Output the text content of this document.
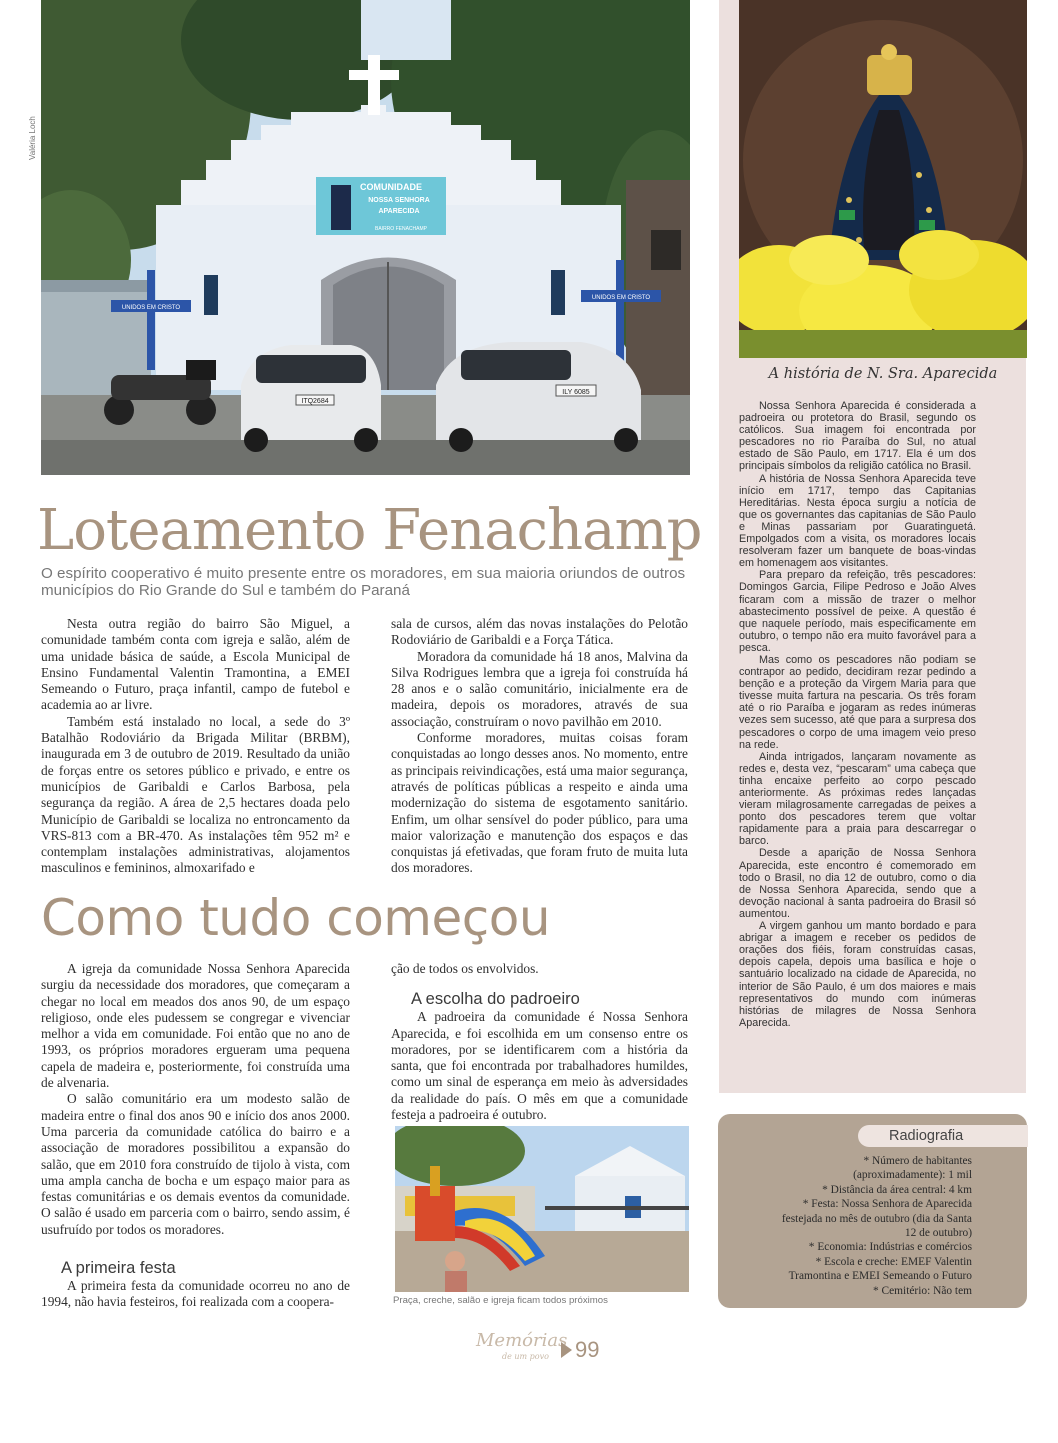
Valéria Loch
COMUNIDADE
NOSSA SENHORA
APARECIDA
BAIRRO FENACHAMP
UNIDOS EM CRISTO
UNIDOS EM CRISTO
ITQ2684
ILY 6085
Loteamento Fenachamp
O espírito cooperativo é muito presente entre os moradores, em sua maioria oriundos de outros municípios do Rio Grande do Sul e também do Paraná

Nesta outra região do bairro São Miguel, a comunidade também conta com igreja e salão, além de uma unidade básica de saúde, a Escola Municipal de Ensino Fundamental Valentin Tramontina, a EMEI Semeando o Futuro, praça infantil, campo de futebol e academia ao ar livre.

Também está instalado no local, a sede do 3º Batalhão Rodoviário da Brigada Militar (BRBM), inaugurada em 3 de outubro de 2019. Resultado da união de forças entre os setores público e privado, e entre os municípios de Garibaldi e Carlos Barbosa, pela segurança da região. A área de 2,5 hectares doada pelo Município de Garibaldi se localiza no entroncamento da VRS-813 com a BR-470. As instalações têm 952 m² e contemplam instalações administrativas, alojamentos masculinos e femininos, almoxarifado e

sala de cursos, além das novas instalações do Pelotão Rodoviário de Garibaldi e a Força Tática.

Moradora da comunidade há 18 anos, Malvina da Silva Rodrigues lembra que a igreja foi construída há 28 anos e o salão comunitário, inicialmente era de madeira, depois os moradores, através de sua associação, construíram o novo pavilhão em 2010.

Conforme moradores, muitas coisas foram conquistadas ao longo desses anos. No momento, entre as principais reivindicações, está uma maior segurança, através de políticas públicas a respeito e ainda uma modernização do sistema de esgotamento sanitário. Enfim, um olhar sensível do poder público, para uma maior valorização e manutenção dos espaços e das conquistas já efetivadas, que foram fruto de muita luta dos moradores.

Como tudo começou

A igreja da comunidade Nossa Senhora Aparecida surgiu da necessidade dos moradores, que começaram a chegar no local em meados dos anos 90, de um espaço religioso, onde eles pudessem se congregar e vivenciar melhor a vida em comunidade. Foi então que no ano de 1993, os próprios moradores ergueram uma pequena capela de madeira e, posteriormente, foi construída uma de alvenaria.

O salão comunitário era um modesto salão de madeira entre o final dos anos 90 e início dos anos 2000. Uma parceria da comunidade católica do bairro e a associação de moradores possibilitou a expansão do salão, que em 2010 fora construído de tijolo à vista, com uma ampla cancha de bocha e um espaço maior para as festas comunitárias e os demais eventos da comunidade. O salão é usado em parceria com o bairro, sendo assim, é usufruído por todos os moradores.

A primeira festa

A primeira festa da comunidade ocorreu no ano de 1994, não havia festeiros, foi realizada com a coopera-

ção de todos os envolvidos.

A escolha do padroeiro

A padroeira da comunidade é Nossa Senhora Aparecida, e foi escolhida em um consenso entre os moradores, por se identificarem com a história da santa, que foi encontrada por trabalhadores humildes, como um sinal de esperança em meio às adversidades da realidade do país. O mês em que a comunidade festeja a padroeira é outubro.

Praça, creche, salão e igreja ficam todos próximos
A história de N. Sra. Aparecida

Nossa Senhora Aparecida é considerada a padroeira ou protetora do Brasil, segundo os católicos. Sua imagem foi encontrada por pescadores no rio Paraíba do Sul, no atual estado de São Paulo, em 1717. Ela é um dos principais símbolos da religião católica no Brasil.

A história de Nossa Senhora Aparecida teve início em 1717, tempo das Capitanias Hereditárias. Nesta época surgiu a notícia de que os governantes das capitanias de São Paulo e Minas passariam por Guaratinguetá. Empolgados com a visita, os moradores locais resolveram fazer um banquete de boas-vindas em homenagem aos visitantes.

Para preparo da refeição, três pescadores: Domingos Garcia, Filipe Pedroso e João Alves ficaram com a missão de trazer o melhor abastecimento possível de peixe. A questão é que naquele período, mais especificamente em outubro, o tempo não era muito favorável para a pesca.

Mas como os pescadores não podiam se contrapor ao pedido, decidiram rezar pedindo a benção e a proteção da Virgem Maria para que tivesse muita fartura na pescaria. Os três foram até o rio Paraíba e jogaram as redes inúmeras vezes sem sucesso, até que para a surpresa dos pescadores o corpo de uma imagem veio preso na rede.

Ainda intrigados, lançaram novamente as redes e, desta vez, “pescaram” uma cabeça que tinha encaixe perfeito ao corpo pescado anteriormente. As próximas redes lançadas vieram milagrosamente carregadas de peixes a ponto dos pescadores terem que voltar rapidamente para a praia para descarregar o barco.

Desde a aparição de Nossa Senhora Aparecida, este encontro é comemorado em todo o Brasil, no dia 12 de outubro, como o dia de Nossa Senhora Aparecida, sendo que a devoção nacional à santa padroeira do Brasil só aumentou.

A virgem ganhou um manto bordado e para abrigar a imagem e receber os pedidos de orações dos fiéis, foram construídas casas, depois capela, depois uma basílica e hoje o santuário localizado na cidade de Aparecida, no interior de São Paulo, é um dos maiores e mais representativos do mundo com inúmeras histórias de milagres de Nossa Senhora Aparecida.

Radiografia
* Número de habitantes (aproximadamente): 1 mil
* Distância da área central: 4 km
* Festa: Nossa Senhora de Aparecida festejada no mês de outubro (dia da Santa 12 de outubro)
* Economia: Indústrias e comércios
* Escola e creche: EMEF Valentin Tramontina e EMEI Semeando o Futuro
* Cemitério: Não tem
Memórias
de um povo 99
